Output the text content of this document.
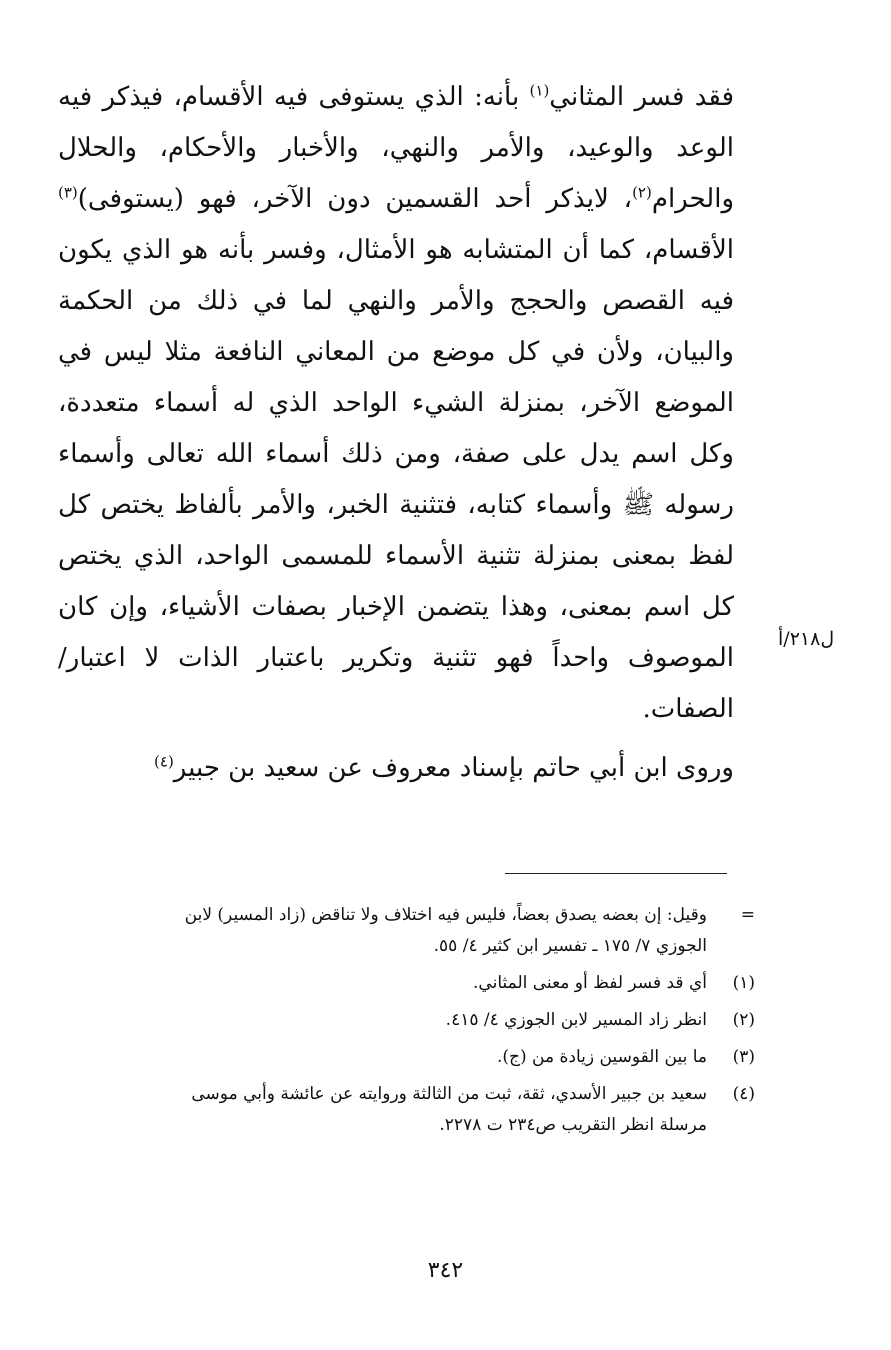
فقد فسر المثاني$^{(١)}$ بأنه: الذي يستوفى فيه الأقسام، فيذكر فيه
الوعد والوعيد، والأمر والنهي، والأخبار والأحكام، والحلال
والحرام$^{(٢)}$، لايذكر أحد القسمين دون الآخر، فهو (يستوفى)$^{(٣)}$
الأقسام، كما أن المتشابه هو الأمثال، وفسر بأنه هو الذي يكون
فيه القصص والحجج والأمر والنهي لما في ذلك من الحكمة
والبيان، ولأن في كل موضع من المعاني النافعة مثلا ليس في
الموضع الآخر، بمنزلة الشيء الواحد الذي له أسماء متعددة،
وكل اسم يدل على صفة، ومن ذلك أسماء الله تعالى وأسماء
رسوله ﷺ وأسماء كتابه، فتثنية الخبر، والأمر بألفاظ يختص كل
لفظ بمعنى بمنزلة تثنية الأسماء للمسمى الواحد، الذي يختص
كل اسم بمعنى، وهذا يتضمن الإخبار بصفات الأشياء، وإن كان
الموصوف واحداً فهو تثنية وتكرير باعتبار الذات لا اعتبار/
الصفات.
وروى ابن أبي حاتم بإسناد معروف عن سعيد بن جبير$^{(٤)}$
ل٢١٨/أ
=
وقيل: إن بعضه يصدق بعضاً، فليس فيه اختلاف ولا تناقض (زاد المسير) لابن
الجوزي ٧/ ١٧٥ ـ تفسير ابن كثير ٤/ ٥٥.
(١)
أي قد فسر لفظ أو معنى المثاني.
(٢)
انظر زاد المسير لابن الجوزي ٤/ ٤١٥.
(٣)
ما بين القوسين زيادة من (ج).
(٤)
سعيد بن جبير الأسدي، ثقة، ثبت من الثالثة وروايته عن عائشة وأبي موسى
مرسلة انظر التقريب ص٢٣٤ ت ٢٢٧٨.
٣٤٢
